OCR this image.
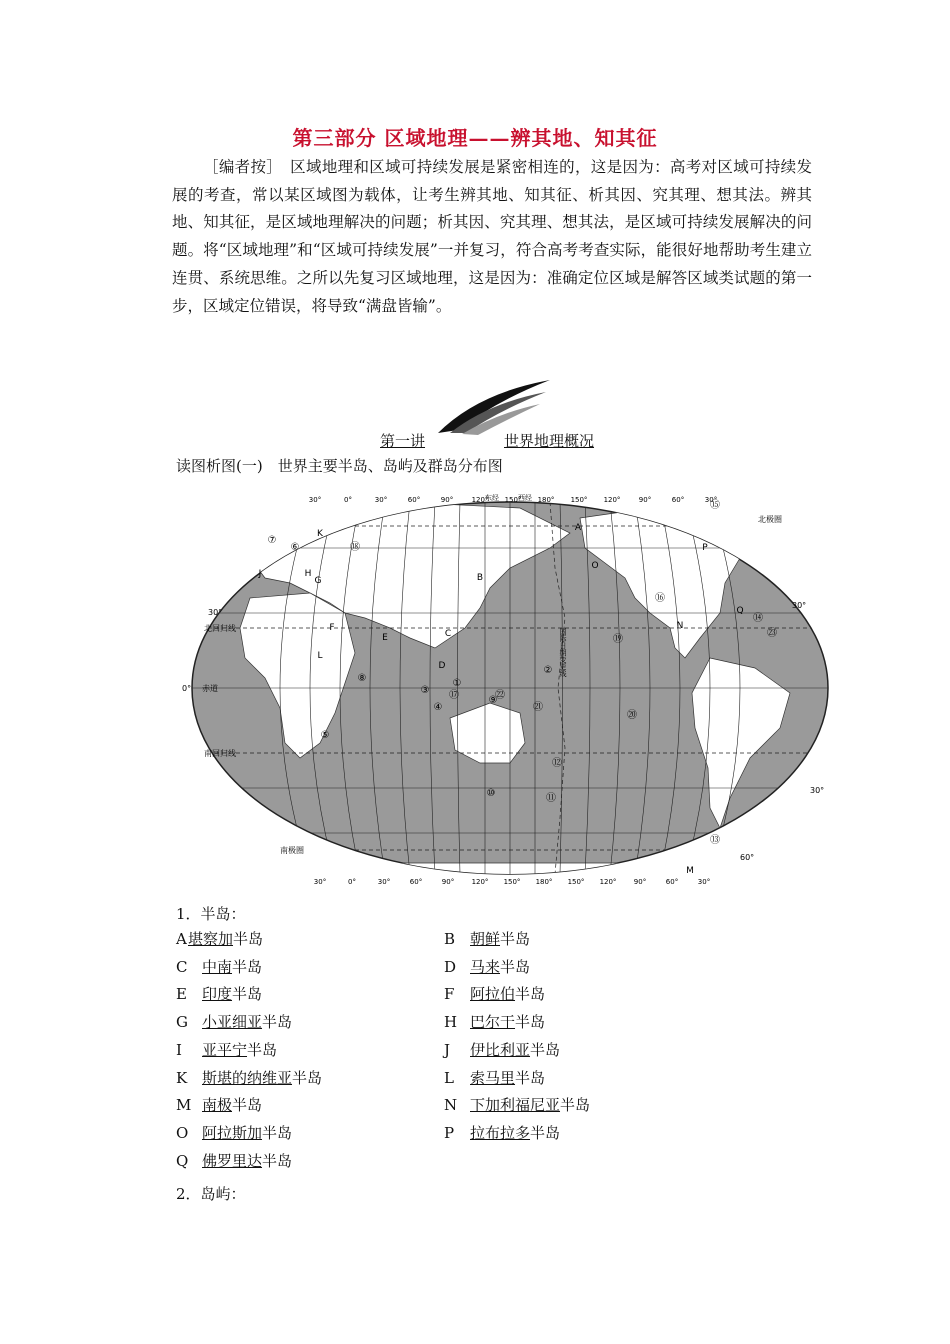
第三部分 区域地理——辨其地、知其征
［编者按］　区域地理和区域可持续发展是紧密相连的，这是因为：高考对区域可持续发展的考查，常以某区域图为载体，让考生辨其地、知其征、析其因、究其理、想其法。辨其地、知其征，是区域地理解决的问题；析其因、究其理、想其法，是区域可持续发展解决的问题。将“区域地理”和“区域可持续发展”一并复习，符合高考考查实际，能很好地帮助考生建立连贯、系统思维。之所以先复习区域地理，这是因为：准确定位区域是解答区域类试题的第一步，区域定位错误，将导致“满盘皆输”。
第一讲	世界地理概况
读图析图(一)　世界主要半岛、岛屿及群岛分布图
赤道
北回归线
南回归线
南极圈
北极圈
国际日期变更线
东经	西经
0°
30°
30°
30°
60°
30°	0°	30°	60°	90°	120° 150° 180° 150° 120°	90°	60°	30°
30°	0°	30°	60°	90° 120° 150° 180° 150° 120° 90°	60°	30°
A
B
C
D
E
F
G
H
J
K
L
M
N
O
P
Q
①
②
③
④
⑤
⑥
⑦
⑧
⑨
⑩	⑪
⑫
⑬
⑭
⑮
⑯
⑰
⑱
⑲
⑳
㉑
㉒
㉓
1．半岛：
A堪察加半岛	B 朝鲜半岛
C 中南半岛	D 马来半岛
E 印度半岛	F 阿拉伯半岛
G 小亚细亚半岛	H 巴尔干半岛
I 亚平宁半岛	J 伊比利亚半岛
K 斯堪的纳维亚半岛	L 索马里半岛
M 南极半岛	N 下加利福尼亚半岛
O 阿拉斯加半岛	P 拉布拉多半岛
Q 佛罗里达半岛
2．岛屿：
